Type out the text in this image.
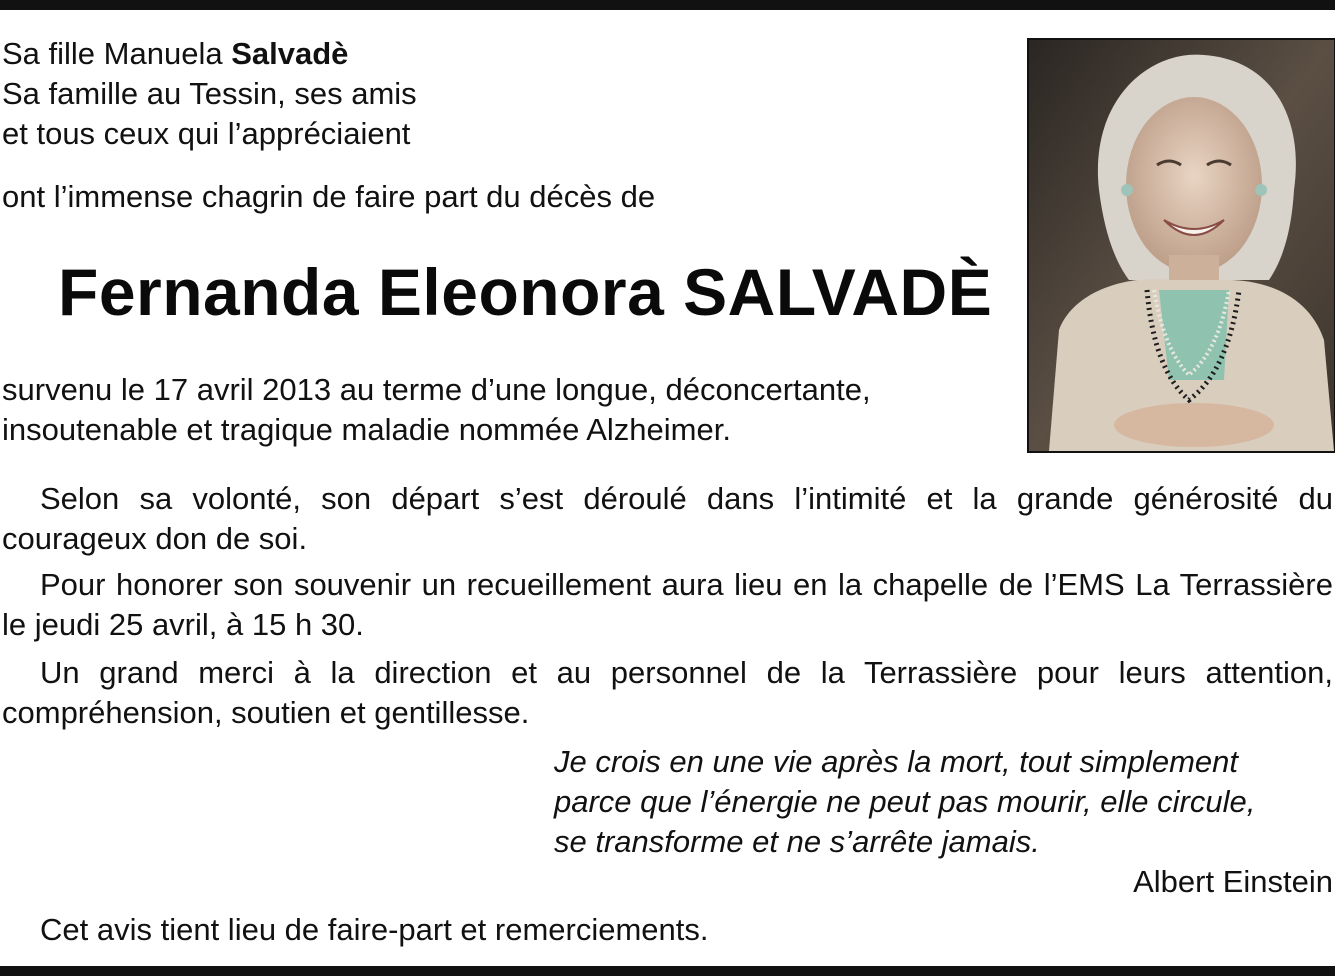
Sa fille Manuela Salvadè
Sa famille au Tessin, ses amis
et tous ceux qui l’appréciaient
ont l’immense chagrin de faire part du décès de
Fernanda Eleonora SALVADÈ
survenu le 17 avril 2013 au terme d’une longue, déconcertante,
insoutenable et tragique maladie nommée Alzheimer.

Selon sa volonté, son départ s’est déroulé dans l’intimité et la grande générosité du courageux don de soi.

Pour honorer son souvenir un recueillement aura lieu en la chapelle de l’EMS La Terrassière le jeudi 25 avril, à 15 h 30.

Un grand merci à la direction et au personnel de la Terrassière pour leurs attention, compréhension, soutien et gentillesse.

Je crois en une vie après la mort, tout simplement
parce que l’énergie ne peut pas mourir, elle circule,
se transforme et ne s’arrête jamais.
Albert Einstein
Cet avis tient lieu de faire-part et remerciements.
